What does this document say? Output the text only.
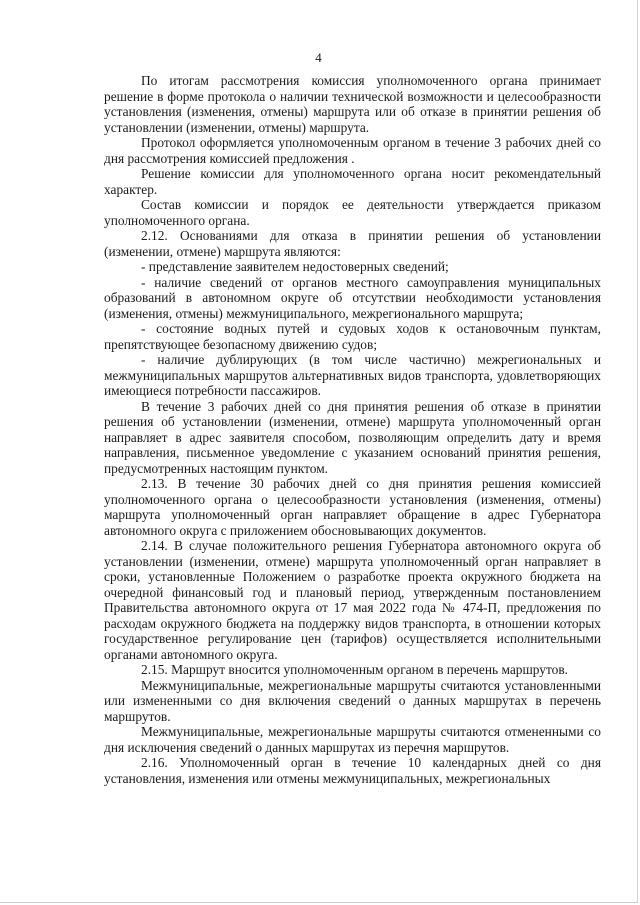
4

По итогам рассмотрения комиссия уполномоченного органа принимает решение в форме протокола о наличии технической возможности и целесообразности установления (изменения, отмены) маршрута или об отказе в принятии решения об установлении (изменении, отмены) маршрута.

Протокол оформляется уполномоченным органом в течение 3 рабочих дней со дня рассмотрения комиссией предложения .

Решение комиссии для уполномоченного органа носит рекомендательный характер.

Состав комиссии и порядок ее деятельности утверждается приказом уполномоченного органа.

2.12. Основаниями для отказа в принятии решения об установлении (изменении, отмене) маршрута являются:

- представление заявителем недостоверных сведений;

- наличие сведений от органов местного самоуправления муниципальных образований в автономном округе об отсутствии необходимости установления (изменения, отмены) межмуниципального, межрегионального маршрута;

- состояние водных путей и судовых ходов к остановочным пунктам, препятствующее безопасному движению судов;

- наличие дублирующих (в том числе частично) межрегиональных и межмуниципальных маршрутов альтернативных видов транспорта, удовлетворяющих имеющиеся потребности пассажиров.

В течение 3 рабочих дней со дня принятия решения об отказе в принятии решения об установлении (изменении, отмене) маршрута уполномоченный орган направляет в адрес заявителя способом, позволяющим определить дату и время направления, письменное уведомление с указанием оснований принятия решения, предусмотренных настоящим пунктом.

2.13. В течение 30 рабочих дней со дня принятия решения комиссией уполномоченного органа о целесообразности установления (изменения, отмены) маршрута уполномоченный орган направляет обращение в адрес Губернатора автономного округа с приложением обосновывающих документов.

2.14. В случае положительного решения Губернатора автономного округа об установлении (изменении, отмене) маршрута уполномоченный орган направляет в сроки, установленные Положением о разработке проекта окружного бюджета на очередной финансовый год и плановый период, утвержденным постановлением Правительства автономного округа от 17 мая 2022 года № 474-П, предложения по расходам окружного бюджета на поддержку видов транспорта, в отношении которых государственное регулирование цен (тарифов) осуществляется исполнительными органами автономного округа.

2.15. Маршрут вносится уполномоченным органом в перечень маршрутов.

Межмуниципальные, межрегиональные маршруты считаются установленными или измененными со дня включения сведений о данных маршрутах в перечень маршрутов.

Межмуниципальные, межрегиональные маршруты считаются отмененными со дня исключения сведений о данных маршрутах из перечня маршрутов.

2.16. Уполномоченный орган в течение 10 календарных дней со дня установления, изменения или отмены межмуниципальных, межрегиональных
